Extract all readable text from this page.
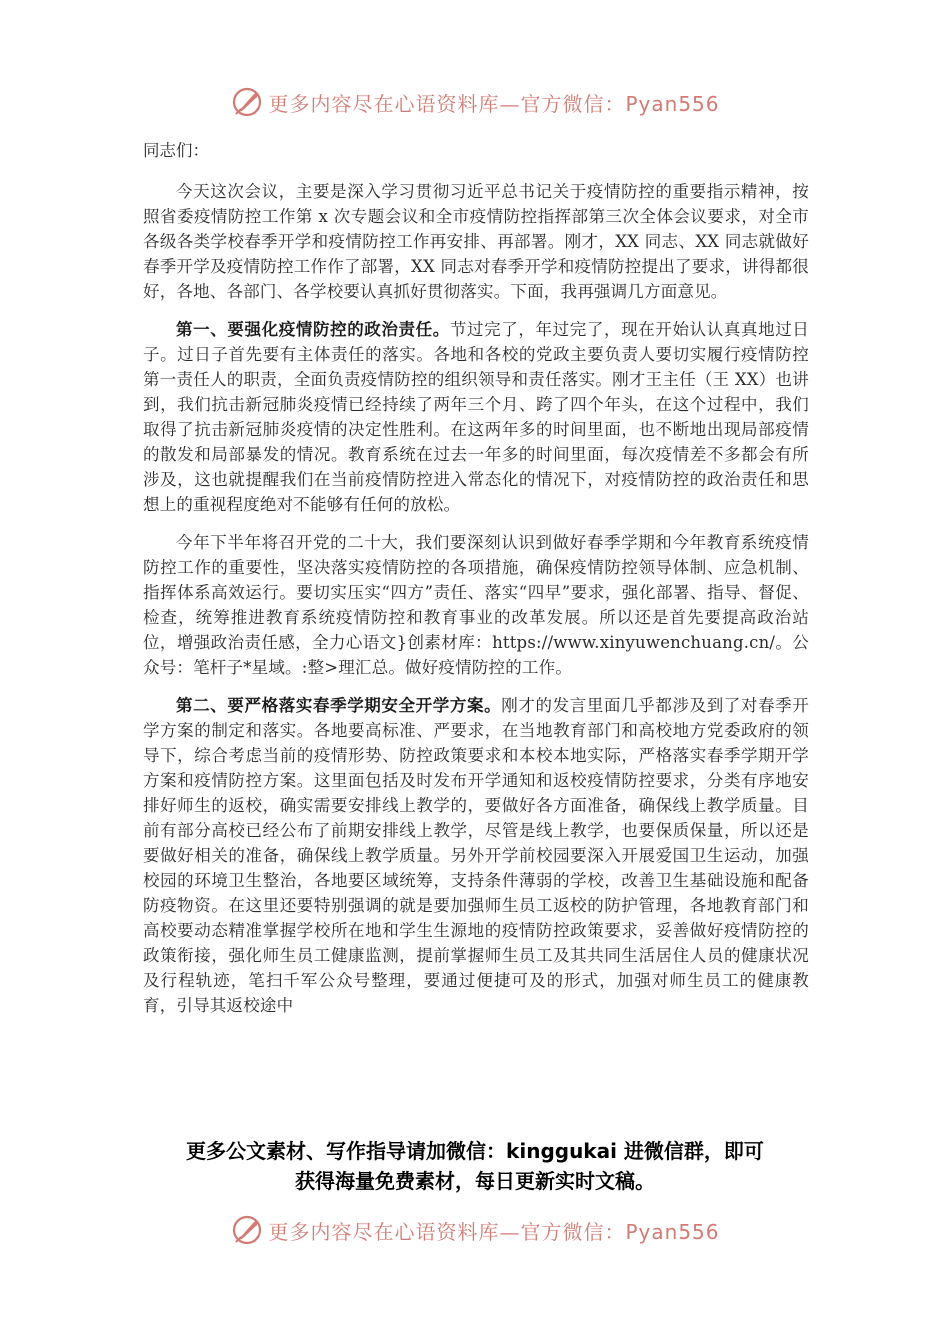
更多内容尽在心语资料库—官方微信：Pyan556
同志们：

今天这次会议，主要是深入学习贯彻习近平总书记关于疫情防控的重要指示精神，按照省委疫情防控工作第 x 次专题会议和全市疫情防控指挥部第三次全体会议要求，对全市各级各类学校春季开学和疫情防控工作再安排、再部署。刚才，XX 同志、XX 同志就做好春季开学及疫情防控工作作了部署，XX 同志对春季开学和疫情防控提出了要求，讲得都很好，各地、各部门、各学校要认真抓好贯彻落实。下面，我再强调几方面意见。

第一、要强化疫情防控的政治责任。节过完了，年过完了，现在开始认认真真地过日子。过日子首先要有主体责任的落实。各地和各校的党政主要负责人要切实履行疫情防控第一责任人的职责，全面负责疫情防控的组织领导和责任落实。刚才王主任（王 XX）也讲到，我们抗击新冠肺炎疫情已经持续了两年三个月、跨了四个年头，在这个过程中，我们取得了抗击新冠肺炎疫情的决定性胜利。在这两年多的时间里面，也不断地出现局部疫情的散发和局部暴发的情况。教育系统在过去一年多的时间里面，每次疫情差不多都会有所涉及，这也就提醒我们在当前疫情防控进入常态化的情况下，对疫情防控的政治责任和思想上的重视程度绝对不能够有任何的放松。

今年下半年将召开党的二十大，我们要深刻认识到做好春季学期和今年教育系统疫情防控工作的重要性，坚决落实疫情防控的各项措施，确保疫情防控领导体制、应急机制、指挥体系高效运行。要切实压实“四方”责任、落实“四早”要求，强化部署、指导、督促、检查，统筹推进教育系统疫情防控和教育事业的改革发展。所以还是首先要提高政治站位，增强政治责任感，全力心语文}创素材库：https://www.xinyuwenchuang.cn/。公众号：笔杆子*星域。:整>理汇总。做好疫情防控的工作。

第二、要严格落实春季学期安全开学方案。刚才的发言里面几乎都涉及到了对春季开学方案的制定和落实。各地要高标准、严要求，在当地教育部门和高校地方党委政府的领导下，综合考虑当前的疫情形势、防控政策要求和本校本地实际，严格落实春季学期开学方案和疫情防控方案。这里面包括及时发布开学通知和返校疫情防控要求，分类有序地安排好师生的返校，确实需要安排线上教学的，要做好各方面准备，确保线上教学质量。目前有部分高校已经公布了前期安排线上教学，尽管是线上教学，也要保质保量，所以还是要做好相关的准备，确保线上教学质量。另外开学前校园要深入开展爱国卫生运动，加强校园的环境卫生整治，各地要区域统筹，支持条件薄弱的学校，改善卫生基础设施和配备防疫物资。在这里还要特别强调的就是要加强师生员工返校的防护管理，各地教育部门和高校要动态精准掌握学校所在地和学生生源地的疫情防控政策要求，妥善做好疫情防控的政策衔接，强化师生员工健康监测，提前掌握师生员工及其共同生活居住人员的健康状况及行程轨迹，笔扫千军公众号整理，要通过便捷可及的形式，加强对师生员工的健康教育，引导其返校途中

更多公文素材、写作指导请加微信：kinggukai 进微信群，即可
获得海量免费素材，每日更新实时文稿。
更多内容尽在心语资料库—官方微信：Pyan556
